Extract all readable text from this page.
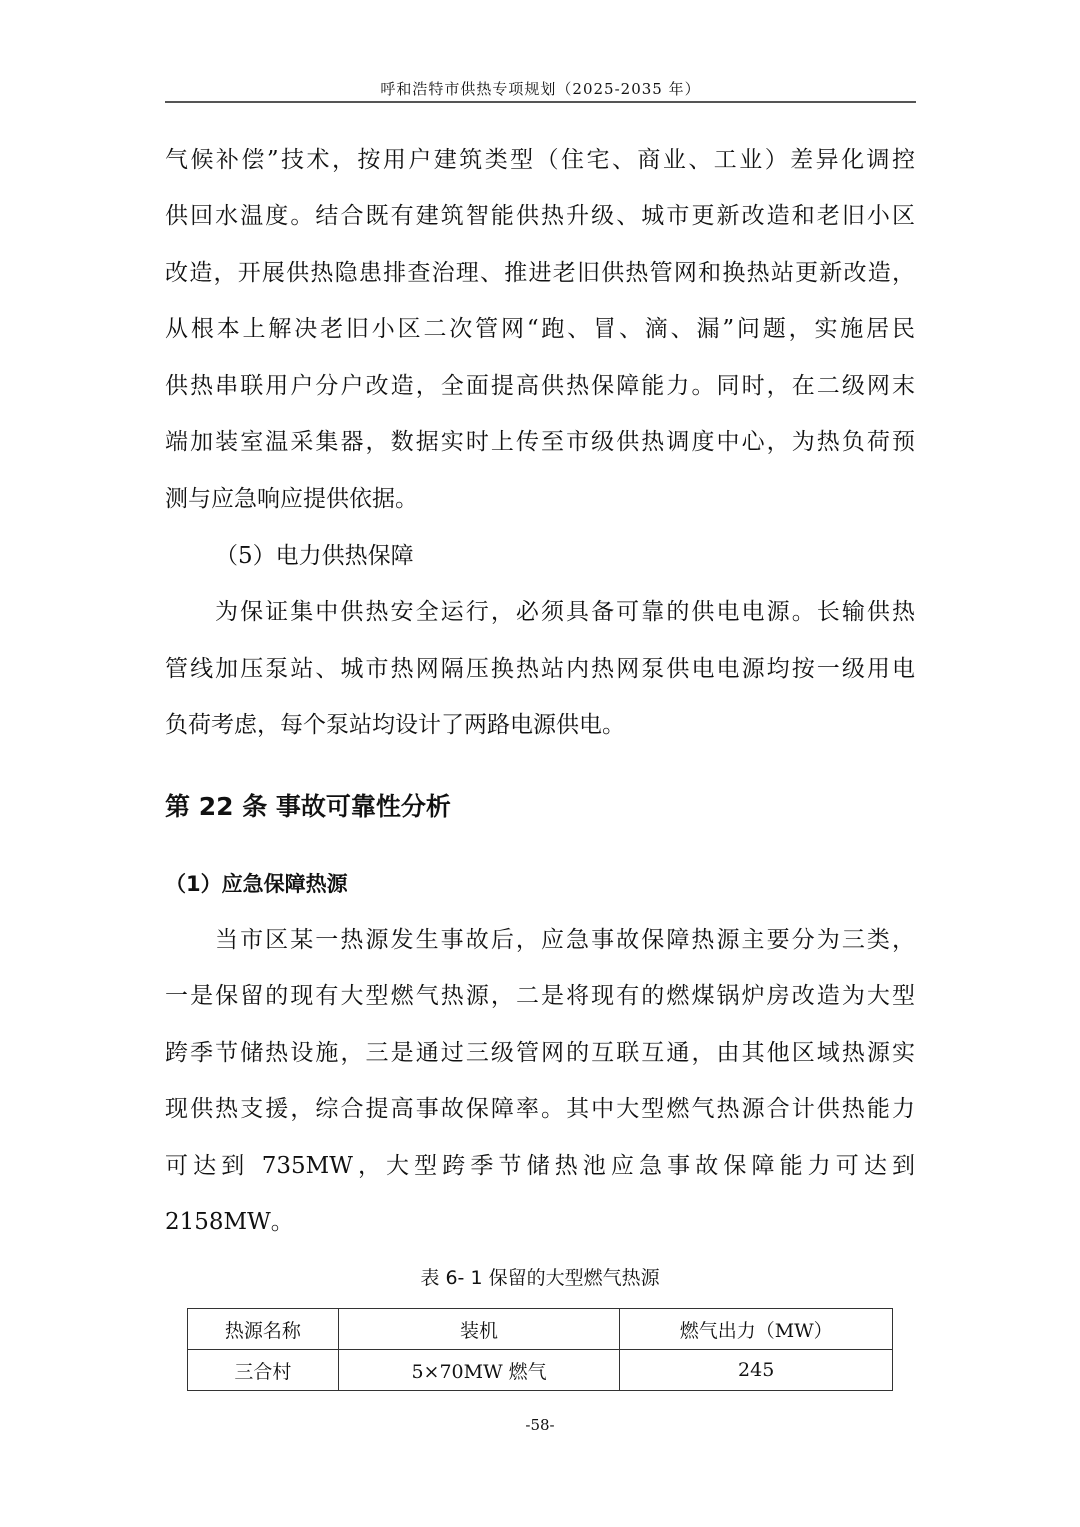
呼和浩特市供热专项规划（2025-2035 年）
气候补偿”技术，按用户建筑类型（住宅、商业、工业）差异化调控
供回水温度。结合既有建筑智能供热升级、城市更新改造和老旧小区
改造，开展供热隐患排查治理、推进老旧供热管网和换热站更新改造，
从根本上解决老旧小区二次管网“跑、冒、滴、漏”问题，实施居民
供热串联用户分户改造，全面提高供热保障能力。同时，在二级网末
端加装室温采集器，数据实时上传至市级供热调度中心，为热负荷预
测与应急响应提供依据。
（5）电力供热保障
为保证集中供热安全运行，必须具备可靠的供电电源。长输供热
管线加压泵站、城市热网隔压换热站内热网泵供电电源均按一级用电
负荷考虑，每个泵站均设计了两路电源供电。
第 22 条 事故可靠性分析
（1）应急保障热源
当市区某一热源发生事故后，应急事故保障热源主要分为三类，
一是保留的现有大型燃气热源，二是将现有的燃煤锅炉房改造为大型
跨季节储热设施，三是通过三级管网的互联互通，由其他区域热源实
现供热支援，综合提高事故保障率。其中大型燃气热源合计供热能力
可达到 735MW，大型跨季节储热池应急事故保障能力可达到
2158MW。
表 6- 1 保留的大型燃气热源
热源名称	装机	燃气出力（MW）
三合村	5×70MW 燃气	245
-58-
